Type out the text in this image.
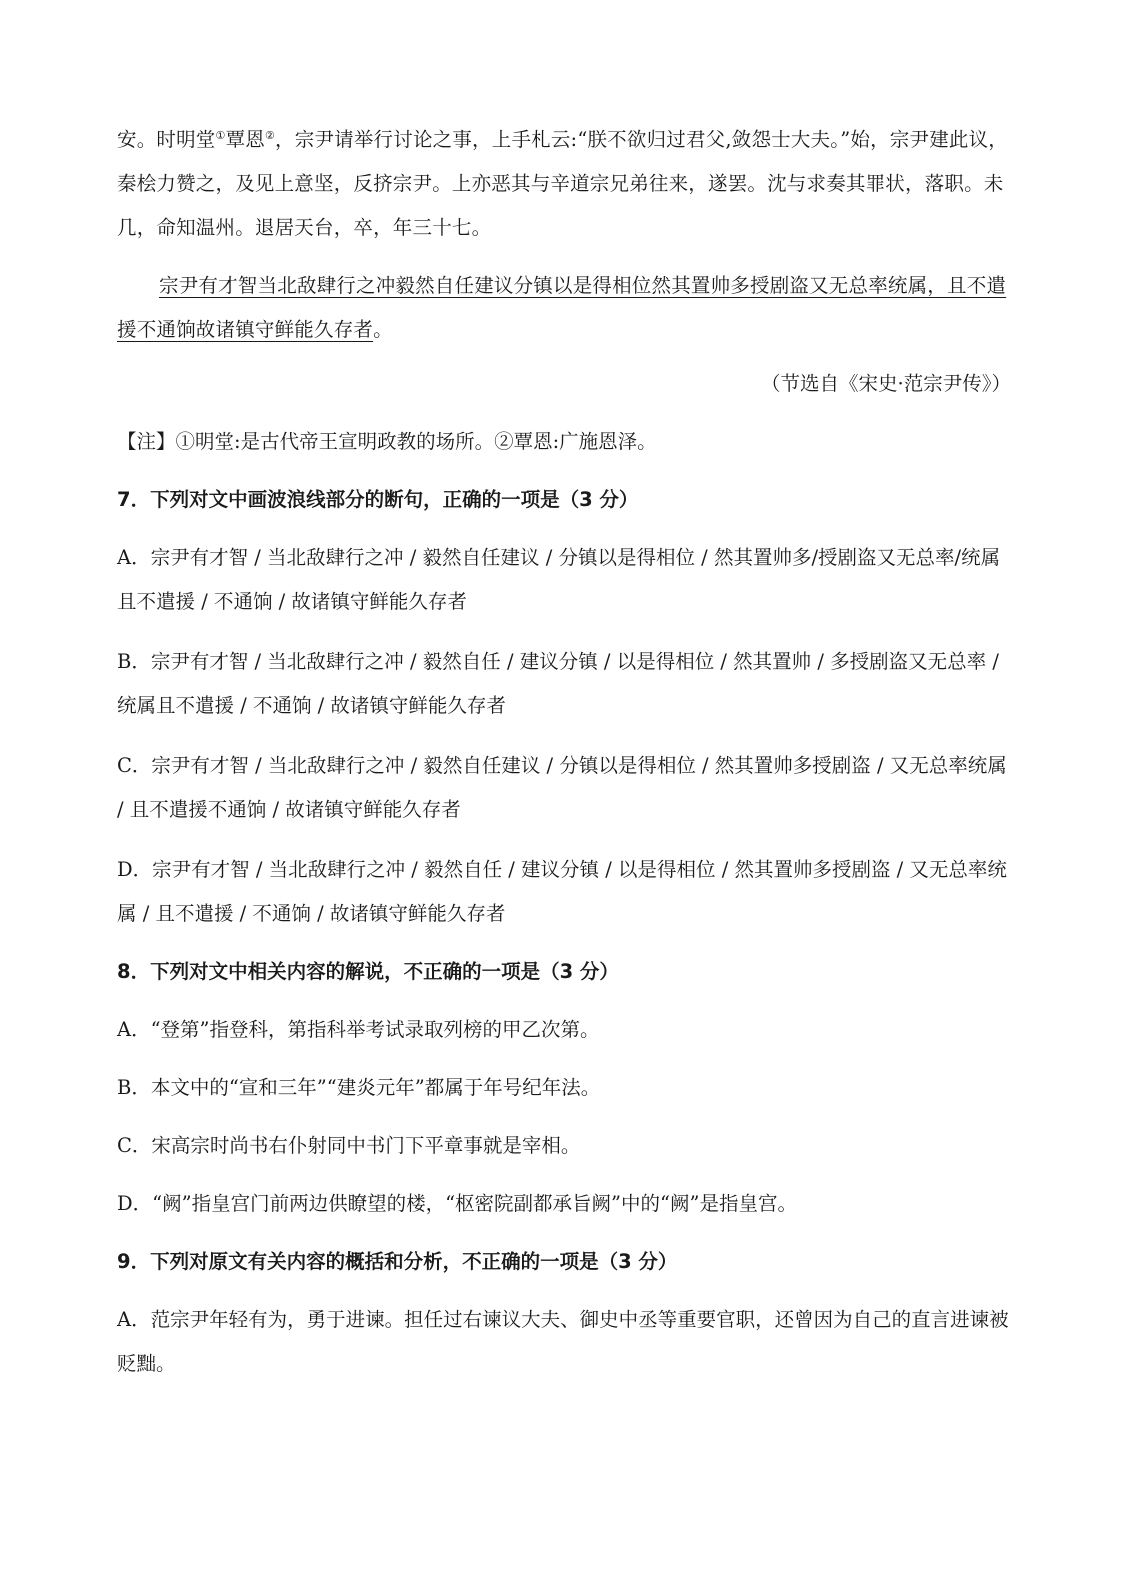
安。时明堂①覃恩②，宗尹请举行讨论之事，上手札云:“朕不欲归过君父,敛怨士大夫。”始，宗尹建此议，秦桧力赞之，及见上意坚，反挤宗尹。上亦恶其与辛道宗兄弟往来，遂罢。沈与求奏其罪状，落职。未几，命知温州。退居天台，卒，年三十七。

宗尹有才智当北敌肆行之冲毅然自任建议分镇以是得相位然其置帅多授剧盗又无总率统属，且不遣援不通饷故诸镇守鲜能久存者。

（节选自《宋史·范宗尹传》）
【注】①明堂:是古代帝王宣明政教的场所。②覃恩:广施恩泽。
7．下列对文中画波浪线部分的断句，正确的一项是（3 分）
A．宗尹有才智 / 当北敌肆行之冲 / 毅然自任建议 / 分镇以是得相位 / 然其置帅多/授剧盗又无总率/统属且不遣援 / 不通饷 / 故诸镇守鲜能久存者
B．宗尹有才智 / 当北敌肆行之冲 / 毅然自任 / 建议分镇 / 以是得相位 / 然其置帅 / 多授剧盗又无总率 / 统属且不遣援 / 不通饷 / 故诸镇守鲜能久存者
C．宗尹有才智 / 当北敌肆行之冲 / 毅然自任建议 / 分镇以是得相位 / 然其置帅多授剧盗 / 又无总率统属 / 且不遣援不通饷 / 故诸镇守鲜能久存者
D．宗尹有才智 / 当北敌肆行之冲 / 毅然自任 / 建议分镇 / 以是得相位 / 然其置帅多授剧盗 / 又无总率统属 / 且不遣援 / 不通饷 / 故诸镇守鲜能久存者
8．下列对文中相关内容的解说，不正确的一项是（3 分）
A．“登第”指登科，第指科举考试录取列榜的甲乙次第。
B．本文中的“宣和三年”“建炎元年”都属于年号纪年法。
C．宋高宗时尚书右仆射同中书门下平章事就是宰相。
D．“阙”指皇宫门前两边供瞭望的楼，“枢密院副都承旨阙”中的“阙”是指皇宫。
9．下列对原文有关内容的概括和分析，不正确的一项是（3 分）
A．范宗尹年轻有为，勇于进谏。担任过右谏议大夫、御史中丞等重要官职，还曾因为自己的直言进谏被贬黜。
